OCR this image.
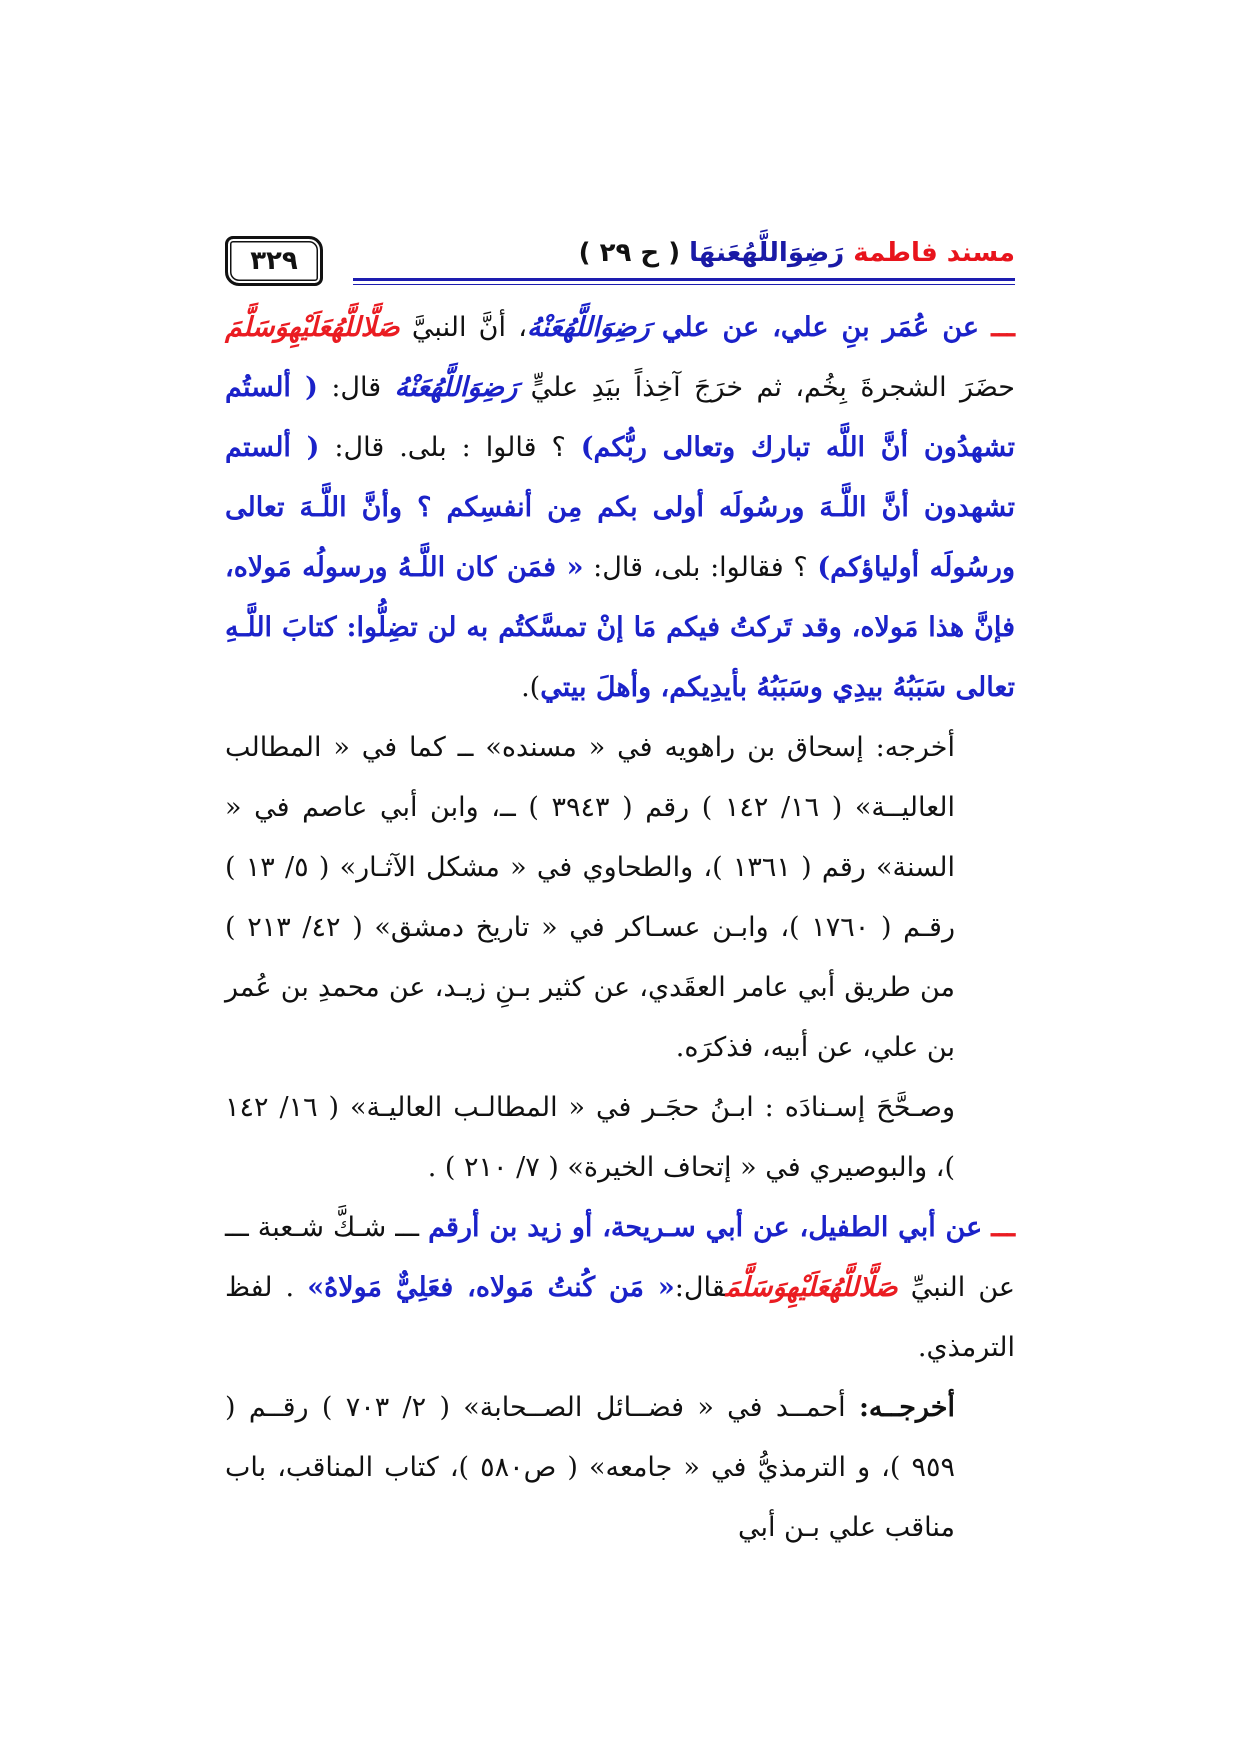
مسند فاطمة رَضِوَاللَّهُعَنهَا ( ح ٢٩ )
٣٢٩

ـــ عن عُمَر بنِ علي، عن علي رَضِوَاللَّهُعَنْهُ، أنَّ النبيَّ صَلَّاللَّهُعَلَيْهِوَسَلَّمَ حضَرَ الشجرةَ بِخُم، ثم خرَجَ آخِذاً بيَدِ عليٍّ رَضِوَاللَّهُعَنْهُ قال: ( ألستُم تشهدُون أنَّ اللَّه تبارك وتعالى ربُّكم) ؟ قالوا : بلى. قال: ( ألستم تشهدون أنَّ اللَّـهَ ورسُولَه أولى بكم مِن أنفسِكم ؟ وأنَّ اللَّـهَ تعالى ورسُولَه أولياؤكم) ؟ فقالوا: بلى، قال: « فمَن كان اللَّـهُ ورسولُه مَولاه، فإنَّ هذا مَولاه، وقد تَركتُ فيكم مَا إنْ تمسَّكتُم به لن تضِلُّوا: كتابَ اللَّـهِ تعالى سَبَبُهُ بيدِي وسَبَبُهُ بأيدِيكم، وأهلَ بيتي).

أخرجه: إسحاق بن راهويه في « مسنده» ــ كما في « المطالب العاليــة» ( ١٦/ ١٤٢ ) رقم ( ٣٩٤٣ ) ــ، وابن أبي عاصم في « السنة» رقم ( ١٣٦١ )، والطحاوي في « مشكل الآثـار» ( ٥/ ١٣ ) رقـم ( ١٧٦٠ )، وابـن عسـاكر في « تاريخ دمشق» ( ٤٢/ ٢١٣ ) من طريق أبي عامر العقَدي، عن كثير بـنِ زيـد، عن محمدِ بن عُمر بن علي، عن أبيه، فذكرَه.

وصـحَّحَ إسـنادَه : ابـنُ حجَـر في « المطالـب العاليـة» ( ١٦/ ١٤٢ )، والبوصيري في « إتحاف الخيرة» ( ٧/ ٢١٠ ) .

ـــ عن أبي الطفيل، عن أبي سـريحة، أو زيد بن أرقم ـــ شـكَّ شـعبة ـــ عن النبيِّ صَلَّاللَّهُعَلَيْهِوَسَلَّمَقال:« مَن كُنتُ مَولاه، فعَلِيٌّ مَولاهُ» . لفظ الترمذي.

أخرجــه: أحمــد في « فضــائل الصــحابة» ( ٢/ ٧٠٣ ) رقــم ( ٩٥٩ )، و الترمذيُّ في « جامعه» ( ص٥٨٠ )، كتاب المناقب، باب مناقب علي بـن أبي
